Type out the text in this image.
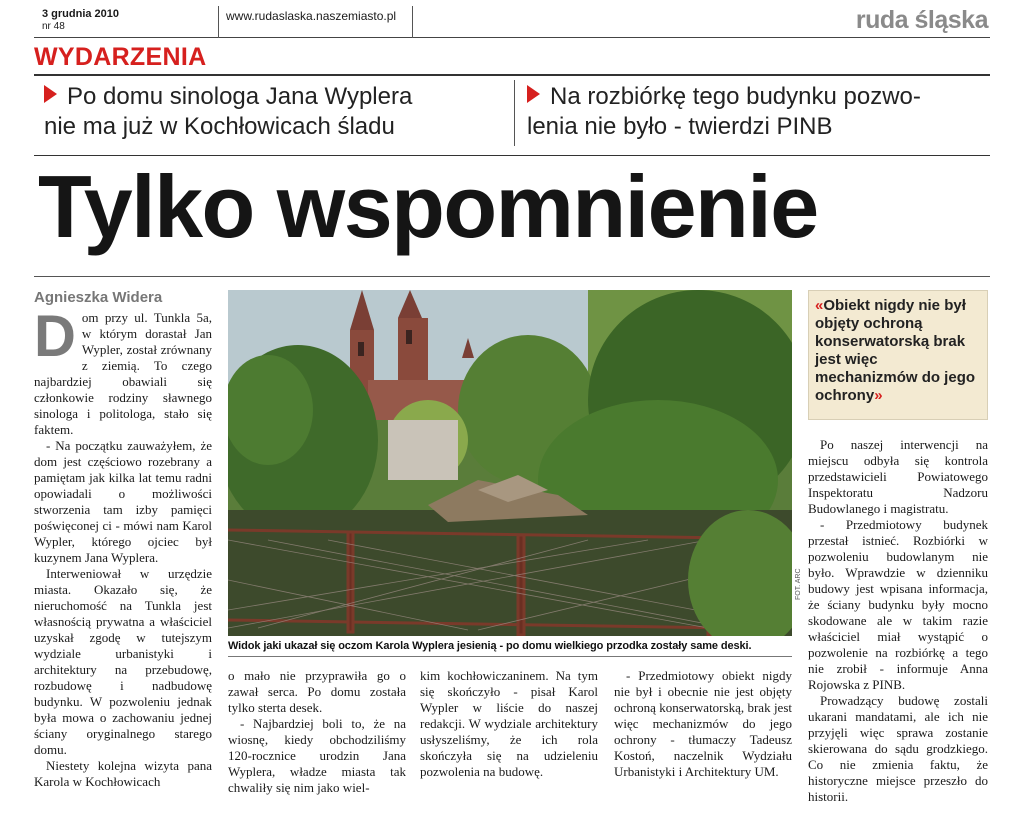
3 grudnia 2010
nr 48
www.rudaslaska.naszemiasto.pl	ruda śląska
WYDARZENIA
Po domu sinologa Jana Wyplera
nie ma już w Kochłowicach śladu
Na rozbiórkę tego budynku pozwo-
lenia nie było - twierdzi PINB
Tylko wspomnienie
Agnieszka Widera
D om przy ul. Tunkla 5a, w którym dorastał Jan Wypler, został zrównany z ziemią. To czego najbardziej obawiali się członkowie rodziny sławnego sinologa i politologa, stało się faktem.

- Na początku zauważyłem, że dom jest częściowo rozebrany a pamiętam jak kilka lat temu radni opowiadali o możliwości stworzenia tam izby pamięci poświęconej ci - mówi nam Karol Wypler, którego ojciec był kuzynem Jana Wyplera.

Interweniował w urzędzie miasta. Okazało się, że nieruchomość na Tunkla jest własnością prywatna a właściciel uzyskał zgodę w tutejszym wydziale urbanistyki i architektury na przebudowę, rozbudowę i nadbudowę budynku. W pozwoleniu jednak była mowa o zachowaniu jednej ściany oryginalnego starego domu.

Niestety kolejna wizyta pana Karola w Kochłowicach

FOT. ARC
Widok jaki ukazał się oczom Karola Wyplera jesienią - po domu wielkiego przodka zostały same deski.

o mało nie przyprawiła go o zawał serca. Po domu została tylko sterta desek.

- Najbardziej boli to, że na wiosnę, kiedy obchodziliśmy 120-rocznice urodzin Jana Wyplera, władze miasta tak chwaliły się nim jako wiel-

kim kochłowiczaninem. Na tym się skończyło - pisał Karol Wypler w liście do naszej redakcji. W wydziale architektury usłyszeliśmy, że ich rola skończyła się na udzieleniu pozwolenia na budowę.

- Przedmiotowy obiekt nigdy nie był i obecnie nie jest objęty ochroną konserwatorską, brak jest więc mechanizmów do jego ochrony - tłumaczy Tadeusz Kostoń, naczelnik Wydziału Urbanistyki i Architektury UM.

«Obiekt nigdy nie był objęty ochroną konserwatorską brak jest więc mechanizmów do jego ochrony»

Po naszej interwencji na miejscu odbyła się kontrola przedstawicieli Powiatowego Inspektoratu Nadzoru Budowlanego i magistratu.

- Przedmiotowy budynek przestał istnieć. Rozbiórki w pozwoleniu budowlanym nie było. Wprawdzie w dzienniku budowy jest wpisana informacja, że ściany budynku były mocno skodowane ale w takim razie właściciel miał wystąpić o pozwolenie na rozbiórkę a tego nie zrobił - informuje Anna Rojowska z PINB.

Prowadzący budowę zostali ukarani mandatami, ale ich nie przyjęli więc sprawa zostanie skierowana do sądu grodzkiego. Co nie zmienia faktu, że historyczne miejsce przeszło do historii.
